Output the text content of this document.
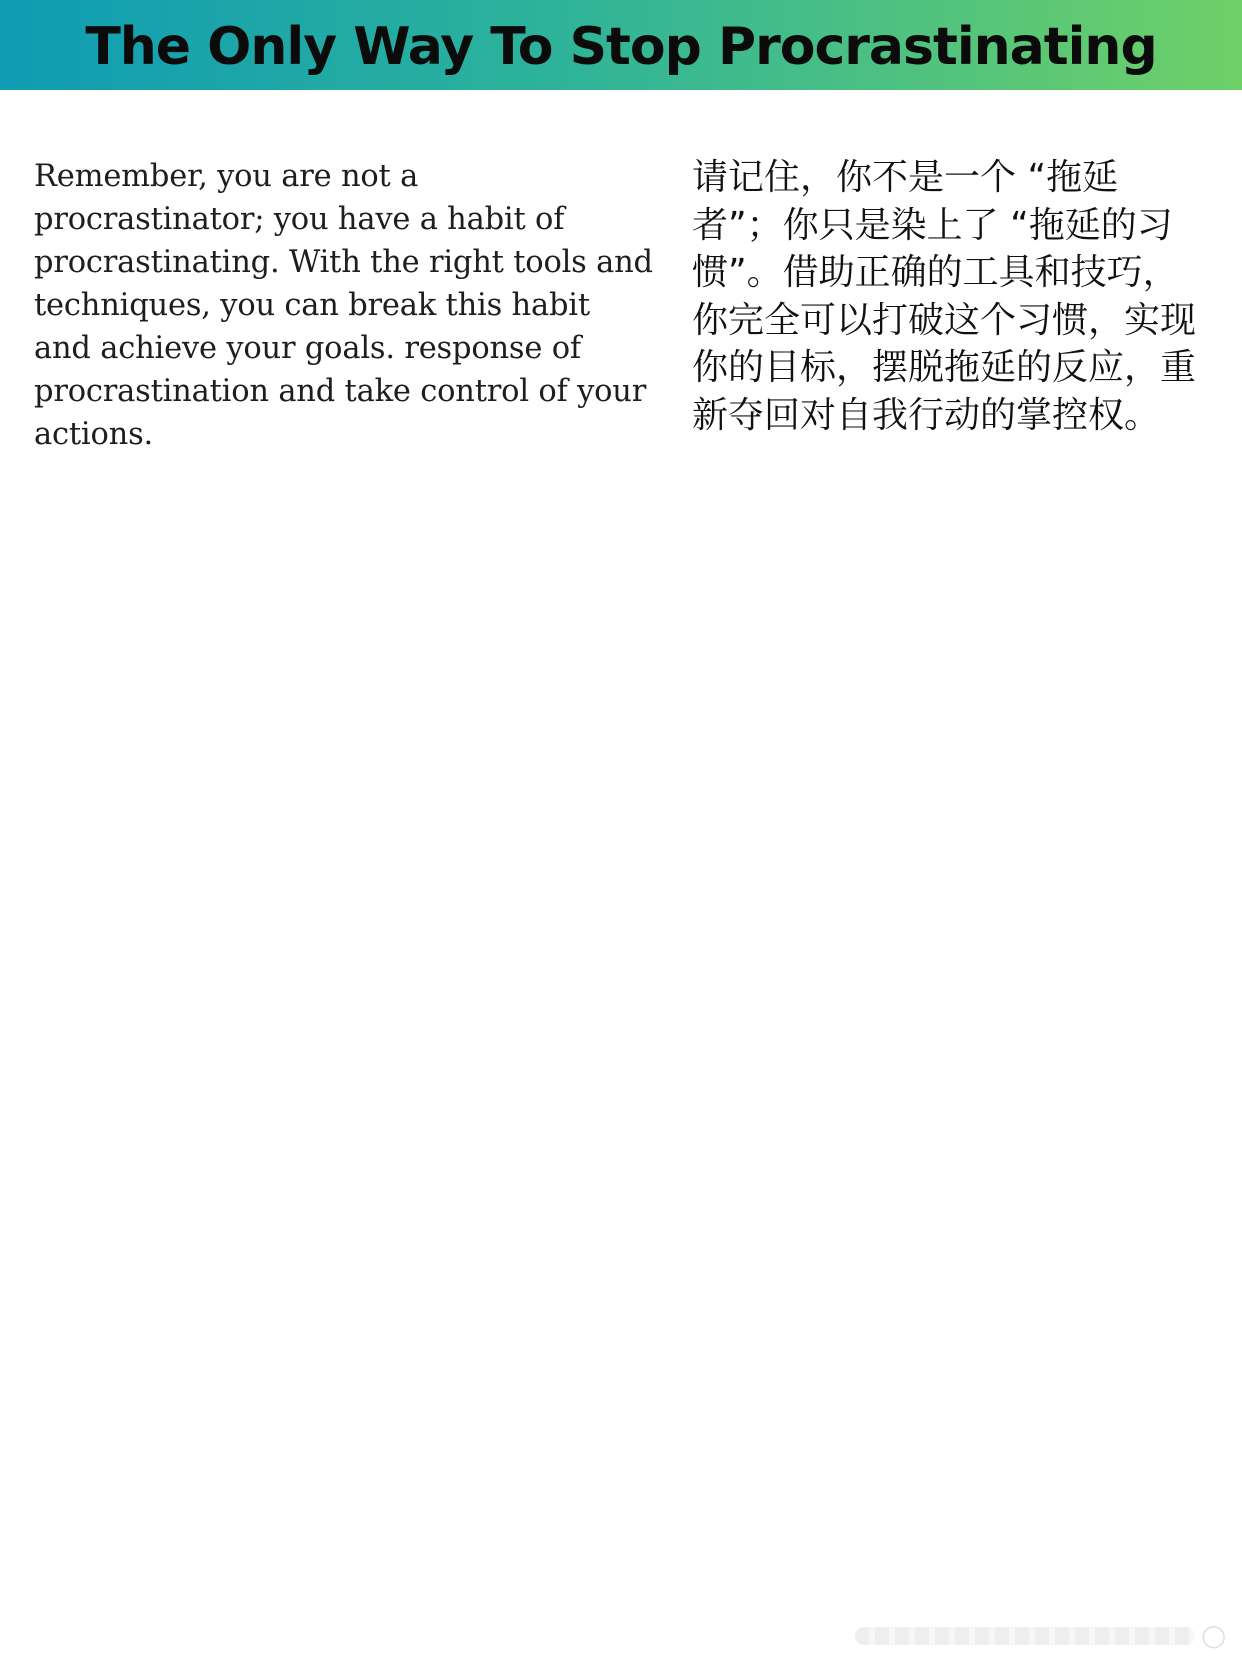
The Only Way To Stop Procrastinating
Remember, you are not a procrastinator; you have a habit of procrastinating. With the right tools and techniques, you can break this habit and achieve your goals. response of procrastination and take control of your actions.
请记住，你不是一个 “拖延者”；你只是染上了 “拖延的习惯”。借助正确的工具和技巧，你完全可以打破这个习惯，实现你的目标，摆脱拖延的反应，重新夺回对自我行动的掌控权。
◯
